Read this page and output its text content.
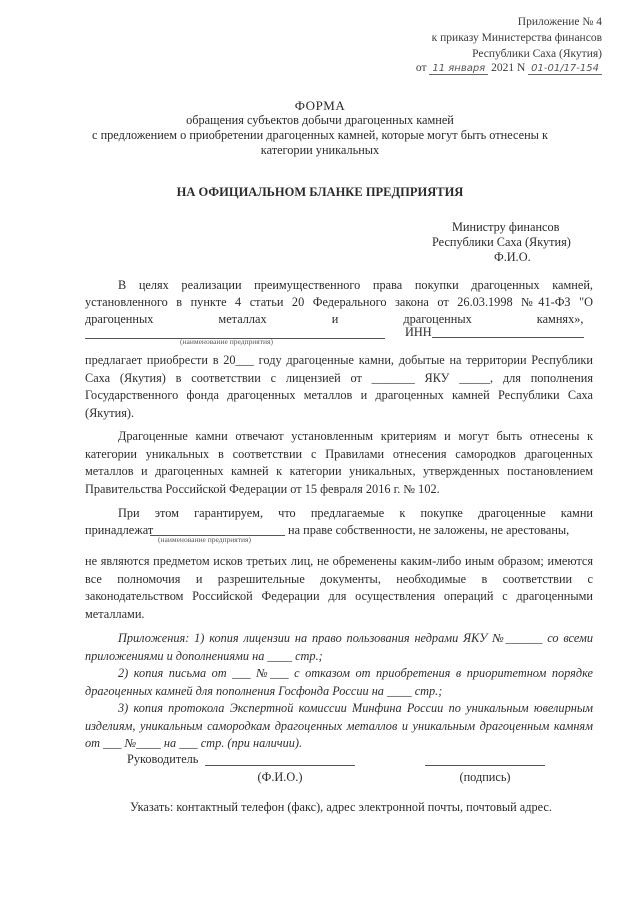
Приложение № 4
к приказу Министерства финансов
Республики Саха (Якутия)
от 11 января 2021 N 01-01/17-154
ФОРМА
обращения субъектов добычи драгоценных камней
с предложением о приобретении драгоценных камней, которые могут быть отнесены к
категории уникальных
НА ОФИЦИАЛЬНОМ БЛАНКЕ ПРЕДПРИЯТИЯ
Министру финансов
Республики Саха (Якутия)
Ф.И.О.
В целях реализации преимущественного права покупки драгоценных камней,
установленного в пункте 4 статьи 20 Федерального закона от 26.03.1998 №41-ФЗ "О
драгоценных металлах и драгоценных камнях»,
(наименование предприятия)
ИНН
предлагает приобрести в 20___ году драгоценные камни, добытые на территории Республики Саха (Якутия) в соответствии с лицензией от _______ ЯКУ _____, для пополнения Государственного фонда драгоценных металлов и драгоценных камней Республики Саха (Якутия).
Драгоценные камни отвечают установленным критериям и могут быть отнесены к категории уникальных в соответствии с Правилами отнесения самородков драгоценных металлов и драгоценных камней к категории уникальных, утвержденных постановлением Правительства Российской Федерации от 15 февраля 2016 г. № 102.
При этом гарантируем, что предлагаемые к покупке драгоценные камни
принадлежат	на праве собственности, не заложены, не арестованы,
(наименование предприятия)
не являются предметом исков третьих лиц, не обременены каким-либо иным образом; имеются все полномочия и разрешительные документы, необходимые в соответствии с законодательством Российской Федерации для осуществления операций с драгоценными металлами.
Приложения: 1) копия лицензии на право пользования недрами ЯКУ №______ со всеми приложениями и дополнениями на ____ стр.;
2) копия письма от ___ №___ с отказом от приобретения в приоритетном порядке драгоценных камней для пополнения Госфонда России на ____ стр.;
3) копия протокола Экспертной комиссии Минфина России по уникальным ювелирным изделиям, уникальным самородкам драгоценных металлов и уникальным драгоценным камням от ___ №____ на ___ стр. (при наличии).
Руководитель
(Ф.И.О.)	(подпись)
Указать: контактный телефон (факс), адрес электронной почты, почтовый адрес.
